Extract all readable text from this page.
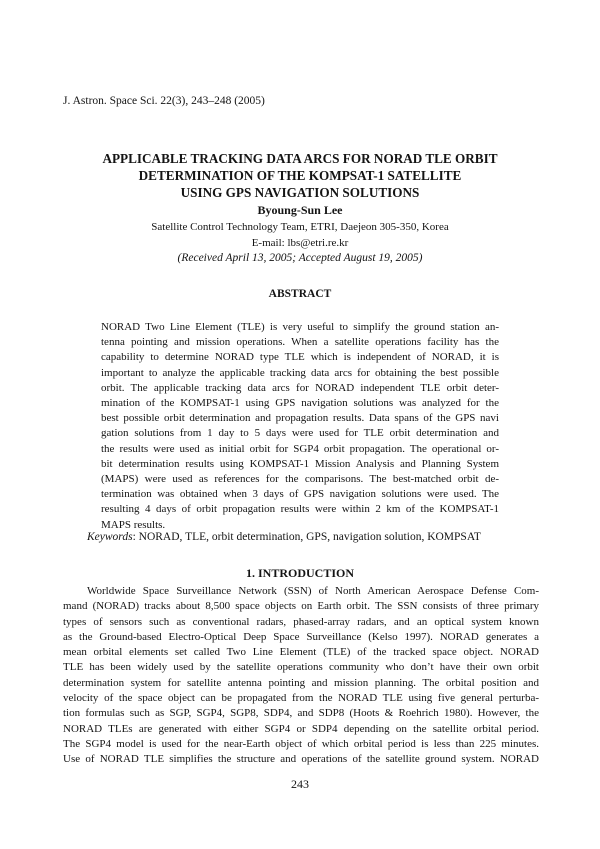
J. Astron. Space Sci. 22(3), 243–248 (2005)
APPLICABLE TRACKING DATA ARCS FOR NORAD TLE ORBIT
DETERMINATION OF THE KOMPSAT-1 SATELLITE
USING GPS NAVIGATION SOLUTIONS
Byoung-Sun Lee
Satellite Control Technology Team, ETRI, Daejeon 305-350, Korea
E-mail: lbs@etri.re.kr
(Received April 13, 2005; Accepted August 19, 2005)
ABSTRACT
NORAD Two Line Element (TLE) is very useful to simplify the ground station an-
tenna pointing and mission operations. When a satellite operations facility has the
capability to determine NORAD type TLE which is independent of NORAD, it is
important to analyze the applicable tracking data arcs for obtaining the best possible
orbit. The applicable tracking data arcs for NORAD independent TLE orbit deter-
mination of the KOMPSAT-1 using GPS navigation solutions was analyzed for the
best possible orbit determination and propagation results. Data spans of the GPS navi
gation solutions from 1 day to 5 days were used for TLE orbit determination and
the results were used as initial orbit for SGP4 orbit propagation. The operational or-
bit determination results using KOMPSAT-1 Mission Analysis and Planning System
(MAPS) were used as references for the comparisons. The best-matched orbit de-
termination was obtained when 3 days of GPS navigation solutions were used. The
resulting 4 days of orbit propagation results were within 2 km of the KOMPSAT-1
MAPS results.
Keywords: NORAD, TLE, orbit determination, GPS, navigation solution, KOMPSAT
1. INTRODUCTION
Worldwide Space Surveillance Network (SSN) of North American Aerospace Defense Com-
mand (NORAD) tracks about 8,500 space objects on Earth orbit. The SSN consists of three primary
types of sensors such as conventional radars, phased-array radars, and an optical system known
as the Ground-based Electro-Optical Deep Space Surveillance (Kelso 1997). NORAD generates a
mean orbital elements set called Two Line Element (TLE) of the tracked space object. NORAD
TLE has been widely used by the satellite operations community who don’t have their own orbit
determination system for satellite antenna pointing and mission planning. The orbital position and
velocity of the space object can be propagated from the NORAD TLE using five general perturba-
tion formulas such as SGP, SGP4, SGP8, SDP4, and SDP8 (Hoots & Roehrich 1980). However, the
NORAD TLEs are generated with either SGP4 or SDP4 depending on the satellite orbital period.
The SGP4 model is used for the near-Earth object of which orbital period is less than 225 minutes.
Use of NORAD TLE simplifies the structure and operations of the satellite ground system. NORAD
243
